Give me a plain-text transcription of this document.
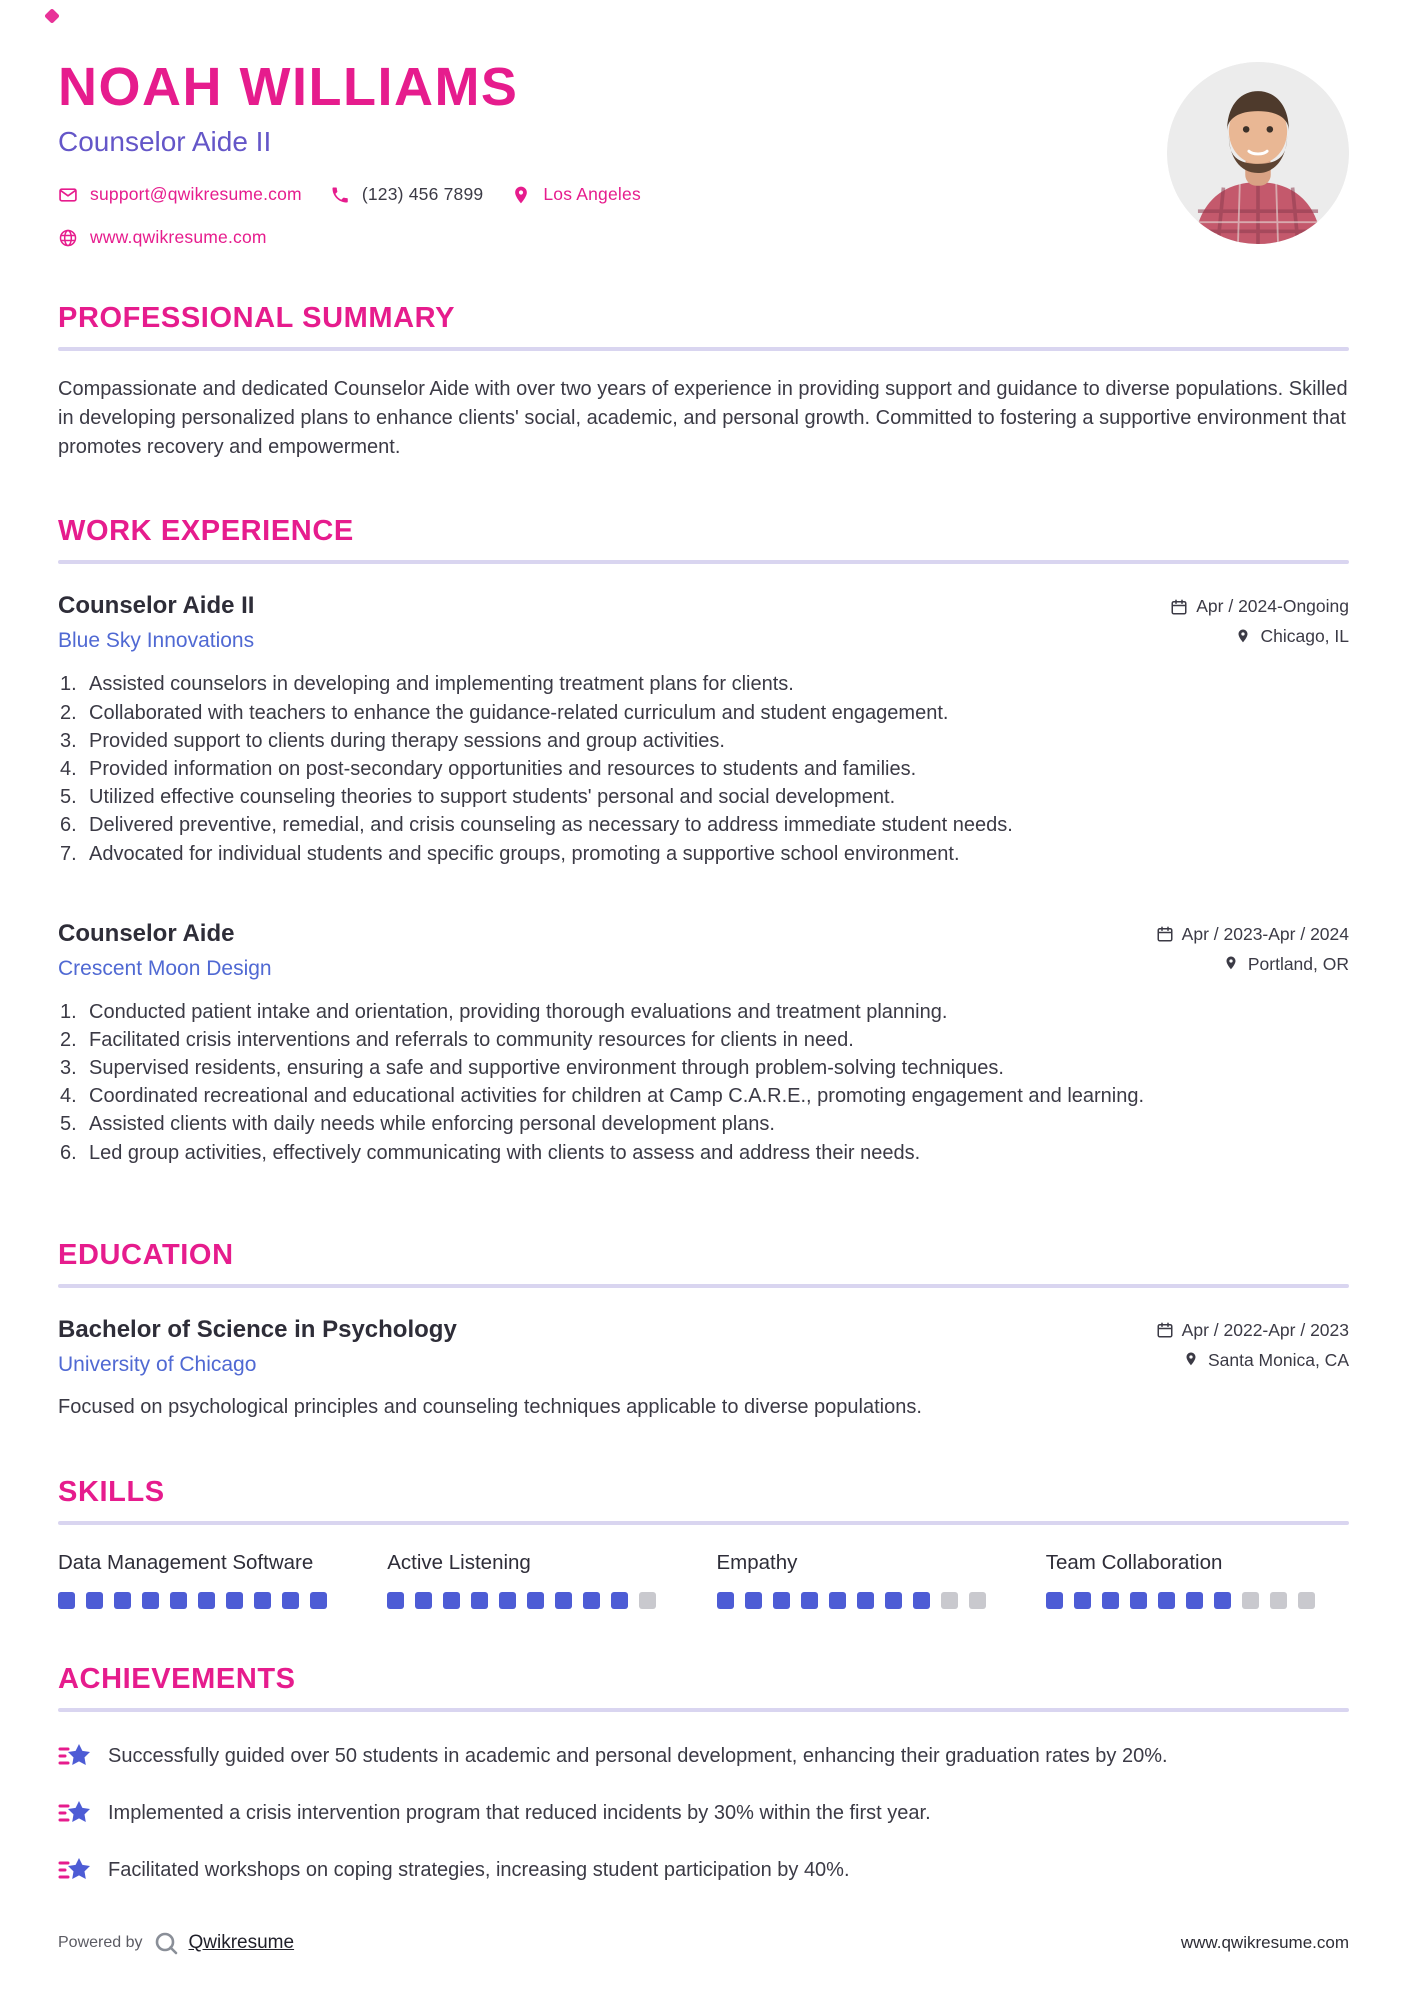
NOAH WILLIAMS
Counselor Aide II
support@qwikresume.com	(123) 456 7899	Los Angeles
www.qwikresume.com
PROFESSIONAL SUMMARY

Compassionate and dedicated Counselor Aide with over two years of experience in providing support and guidance to diverse populations. Skilled in developing personalized plans to enhance clients' social, academic, and personal growth. Committed to fostering a supportive environment that promotes recovery and empowerment.

WORK EXPERIENCE
Counselor Aide II
Blue Sky Innovations
Apr / 2024-Ongoing
Chicago, IL
Assisted counselors in developing and implementing treatment plans for clients.
Collaborated with teachers to enhance the guidance-related curriculum and student engagement.
Provided support to clients during therapy sessions and group activities.
Provided information on post-secondary opportunities and resources to students and families.
Utilized effective counseling theories to support students' personal and social development.
Delivered preventive, remedial, and crisis counseling as necessary to address immediate student needs.
Advocated for individual students and specific groups, promoting a supportive school environment.
Counselor Aide
Crescent Moon Design
Apr / 2023-Apr / 2024
Portland, OR
Conducted patient intake and orientation, providing thorough evaluations and treatment planning.
Facilitated crisis interventions and referrals to community resources for clients in need.
Supervised residents, ensuring a safe and supportive environment through problem-solving techniques.
Coordinated recreational and educational activities for children at Camp C.A.R.E., promoting engagement and learning.
Assisted clients with daily needs while enforcing personal development plans.
Led group activities, effectively communicating with clients to assess and address their needs.
EDUCATION
Bachelor of Science in Psychology
University of Chicago
Apr / 2022-Apr / 2023
Santa Monica, CA

Focused on psychological principles and counseling techniques applicable to diverse populations.

SKILLS
Data Management Software	Active Listening	Empathy	Team Collaboration
ACHIEVEMENTS
Successfully guided over 50 students in academic and personal development, enhancing their graduation rates by 20%.
Implemented a crisis intervention program that reduced incidents by 30% within the first year.
Facilitated workshops on coping strategies, increasing student participation by 40%.
Powered by Qwikresume	www.qwikresume.com
